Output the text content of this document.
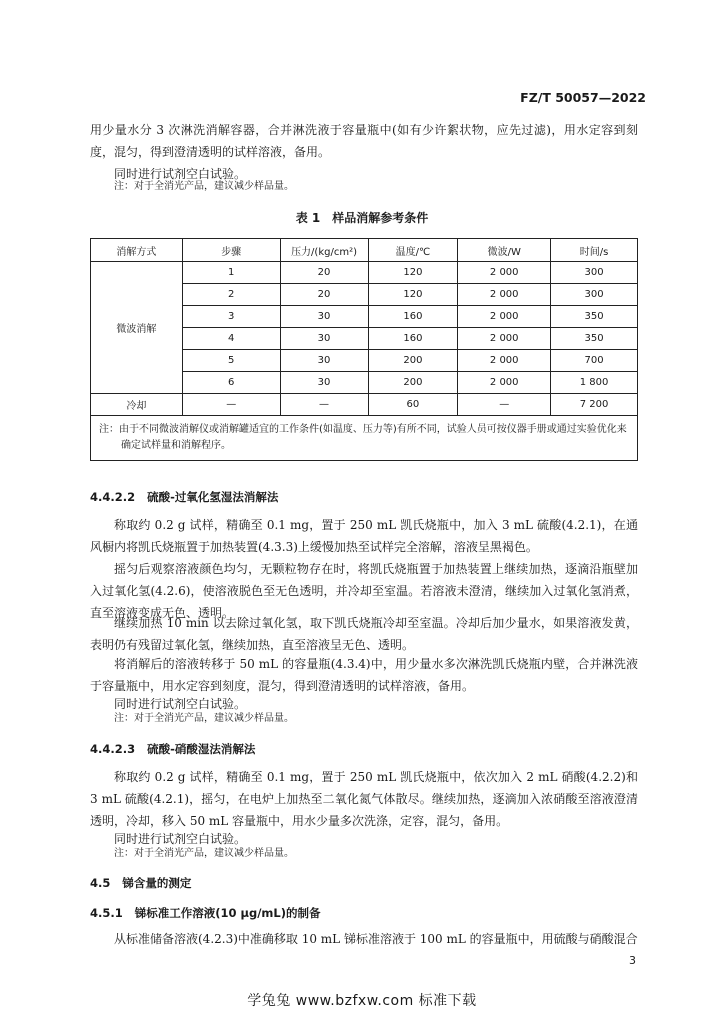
FZ/T 50057—2022

用少量水分 3 次淋洗消解容器，合并淋洗液于容量瓶中(如有少许絮状物，应先过滤)，用水定容到刻度，混匀，得到澄清透明的试样溶液，备用。

同时进行试剂空白试验。

注：对于全消光产品，建议减少样品量。
表 1　样品消解参考条件
消解方式	步骤	压力/(kg/cm²)	温度/℃	微波/W	时间/s
微波消解	1	20	120	2 000	300
	2	20	120	2 000	300
	3	30	160	2 000	350
	4	30	160	2 000	350
	5	30	200	2 000	700
	6	30	200	2 000	1 800
冷却	—	—	60	—	7 200
注：由于不同微波消解仪或消解罐适宜的工作条件(如温度、压力等)有所不同，试验人员可按仪器手册或通过实验优化来确定试样量和消解程序。					
4.4.2.2 硫酸-过氧化氢湿法消解法

称取约 0.2 g 试样，精确至 0.1 mg，置于 250 mL 凯氏烧瓶中，加入 3 mL 硫酸(4.2.1)，在通风橱内将凯氏烧瓶置于加热装置(4.3.3)上缓慢加热至试样完全溶解，溶液呈黑褐色。

摇匀后观察溶液颜色均匀，无颗粒物存在时，将凯氏烧瓶置于加热装置上继续加热，逐滴沿瓶壁加入过氧化氢(4.2.6)，使溶液脱色至无色透明，并冷却至室温。若溶液未澄清，继续加入过氧化氢消煮，直至溶液变成无色、透明。

继续加热 10 min 以去除过氧化氢，取下凯氏烧瓶冷却至室温。冷却后加少量水，如果溶液发黄，表明仍有残留过氧化氢，继续加热，直至溶液呈无色、透明。

将消解后的溶液转移于 50 mL 的容量瓶(4.3.4)中，用少量水多次淋洗凯氏烧瓶内壁，合并淋洗液于容量瓶中，用水定容到刻度，混匀，得到澄清透明的试样溶液，备用。

同时进行试剂空白试验。

注：对于全消光产品，建议减少样品量。
4.4.2.3 硫酸-硝酸湿法消解法

称取约 0.2 g 试样，精确至 0.1 mg，置于 250 mL 凯氏烧瓶中，依次加入 2 mL 硝酸(4.2.2)和 3 mL 硫酸(4.2.1)，摇匀，在电炉上加热至二氧化氮气体散尽。继续加热，逐滴加入浓硝酸至溶液澄清透明，冷却，移入 50 mL 容量瓶中，用水少量多次洗涤，定容，混匀，备用。

同时进行试剂空白试验。

注：对于全消光产品，建议减少样品量。
4.5 锑含量的测定
4.5.1 锑标准工作溶液(10 μg/mL)的制备

从标准储备溶液(4.2.3)中准确移取 10 mL 锑标准溶液于 100 mL 的容量瓶中，用硫酸与硝酸混合

3
学兔兔 www.bzfxw.com 标准下载
